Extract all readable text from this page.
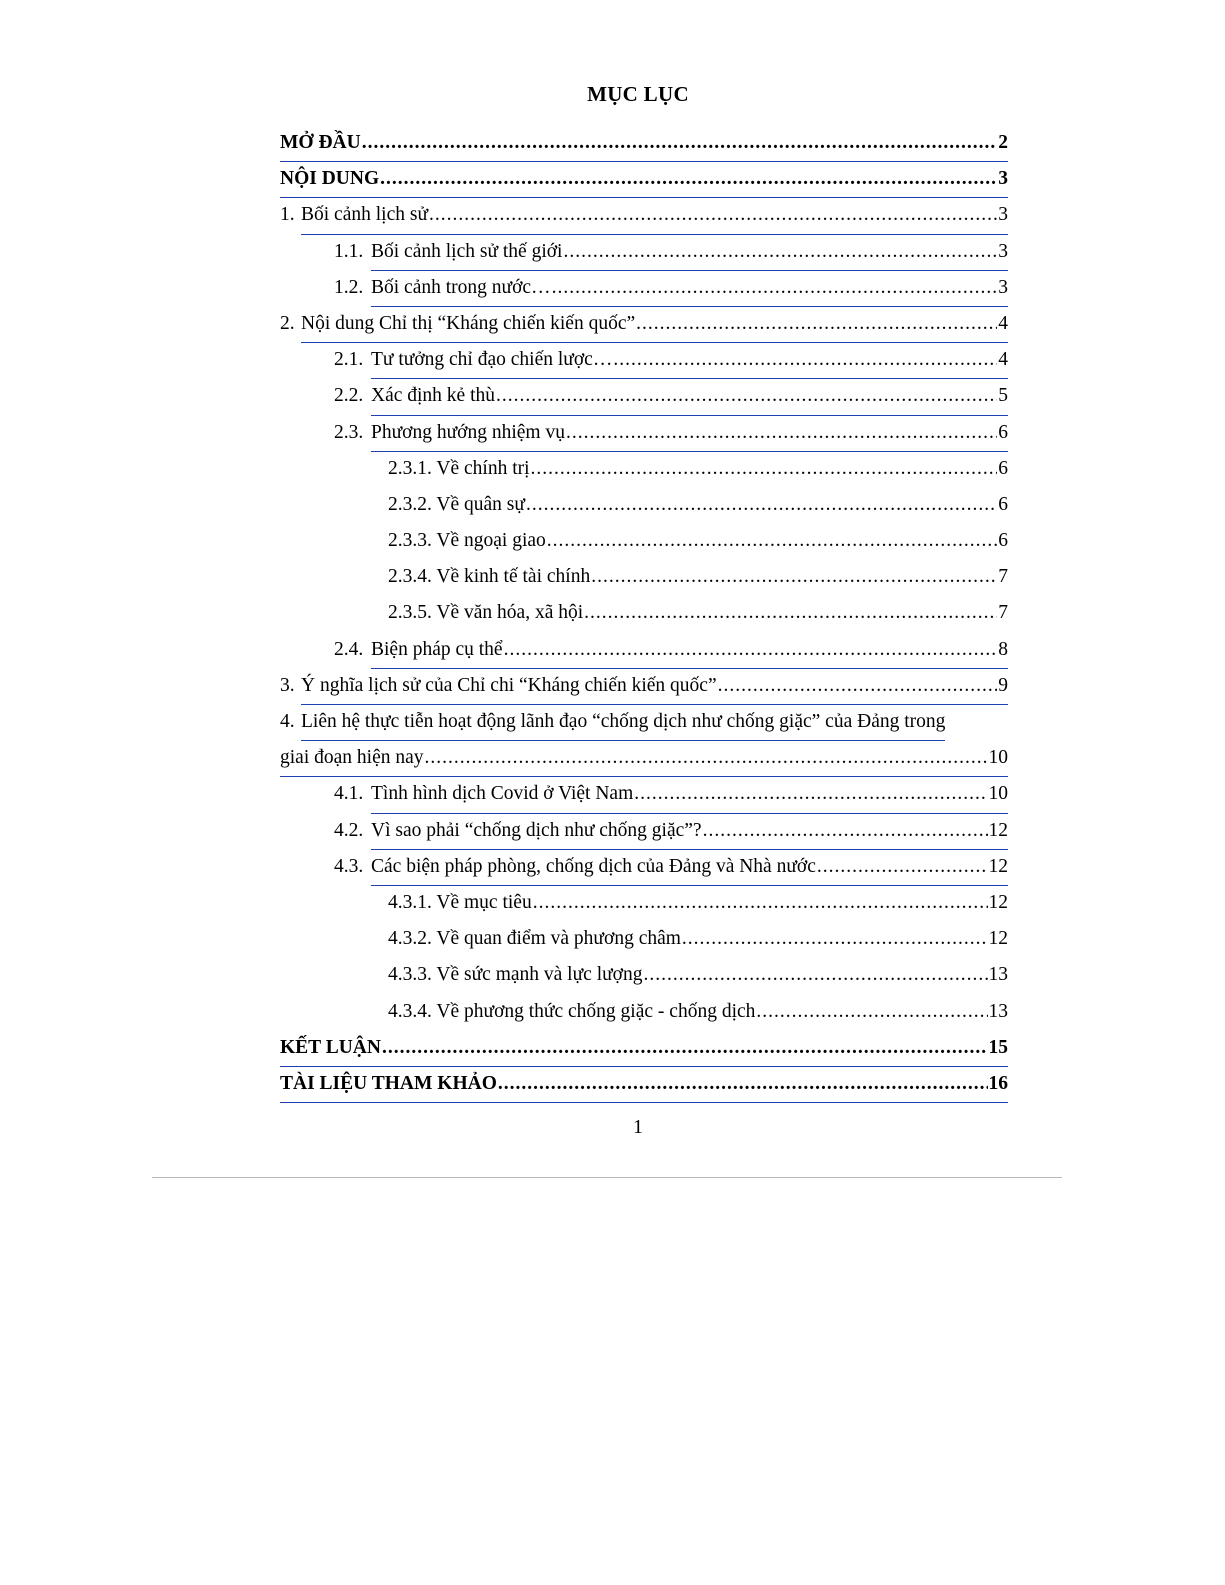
MỤC LỤC
MỞ ĐẦU .....	2
NỘI DUNG .....	3
1. Bối cảnh lịch sử .....	3
1.1. Bối cảnh lịch sử thế giới .....	3
1.2. Bối cảnh trong nước… .....	3
2. Nội dung Chỉ thị “Kháng chiến kiến quốc” .....	4
2.1. Tư tưởng chỉ đạo chiến lược… .....	4
2.2. Xác định kẻ thù .....	5
2.3. Phương hướng nhiệm vụ .....	6
2.3.1. Về chính trị .....	6
2.3.2. Về quân sự .....	6
2.3.3. Về ngoại giao .....	6
2.3.4. Về kinh tế tài chính .....	7
2.3.5. Về văn hóa, xã hội .....	7
2.4. Biện pháp cụ thể .....	8
3. Ý nghĩa lịch sử của Chỉ chi “Kháng chiến kiến quốc” .....	9
4. Liên hệ thực tiễn hoạt động lãnh đạo “chống dịch như chống giặc” của Đảng trong
giai đoạn hiện nay .....	10
4.1. Tình hình dịch Covid ở Việt Nam .....	10
4.2. Vì sao phải “chống dịch như chống giặc”? .....	12
4.3. Các biện pháp phòng, chống dịch của Đảng và Nhà nước .....	12
4.3.1. Về mục tiêu .....	12
4.3.2. Về quan điểm và phương châm .....	12
4.3.3. Về sức mạnh và lực lượng .....	13
4.3.4. Về phương thức chống giặc - chống dịch .....	13
KẾT LUẬN .....	15
TÀI LIỆU THAM KHẢO .....	16
1
